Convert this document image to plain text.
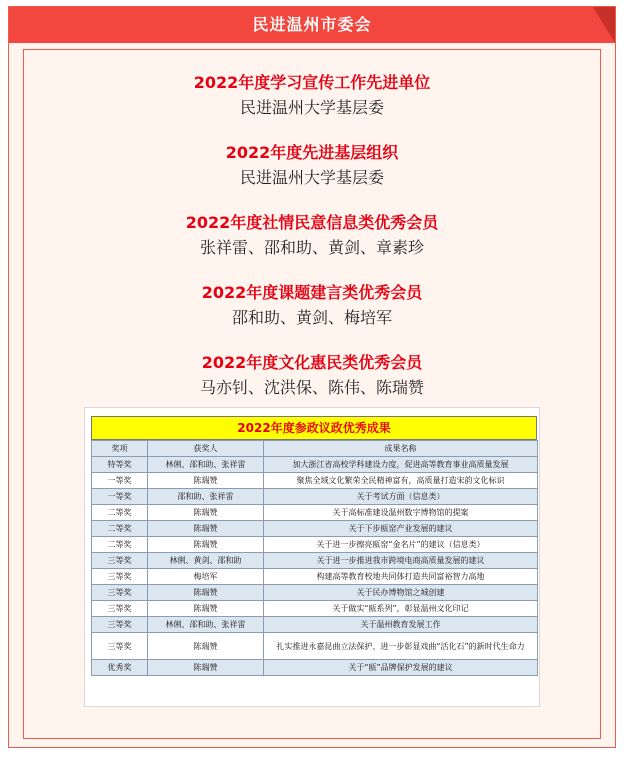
民进温州市委会
2022年度学习宣传工作先进单位
民进温州大学基层委
2022年度先进基层组织
民进温州大学基层委
2022年度社情民意信息类优秀会员
张祥雷、邵和助、黄剑、章素珍
2022年度课题建言类优秀会员
邵和助、黄剑、梅培军
2022年度文化惠民类优秀会员
马亦钊、沈洪保、陈伟、陈瑞赞
2022年度参政议政优秀成果
奖项	获奖人	成果名称
特等奖	林俐、邵和助、张祥雷	加大浙江省高校学科建设力度，促进高等教育事业高质量发展
一等奖	陈瑞赞	聚焦全域文化繁荣全民精神富有，高质量打造宋韵文化标识
一等奖	邵和助、张祥雷	关于考试方面（信息类）
二等奖	陈瑞赞	关于高标准建设温州数字博物馆的提案
二等奖	陈瑞赞	关于下步瓯窑产业发展的建议
二等奖	陈瑞赞	关于进一步擦亮瓯窑“金名片”的建议（信息类）
三等奖	林俐、黄剑、邵和助	关于进一步推进我市跨境电商高质量发展的建议
三等奖	梅培军	构建高等教育校地共同体打造共同富裕智力高地
三等奖	陈瑞赞	关于民办博物馆之城创建
三等奖	陈瑞赞	关于做实“瓯系列”，彰显温州文化印记
三等奖	林俐、邵和助、张祥雷	关于温州教育发展工作
三等奖	陈瑞赞	扎实推进永嘉昆曲立法保护、进一步彰显戏曲“活化石”的新时代生命力
优秀奖	陈瑞赞	关于“瓯”品牌保护发展的建议
